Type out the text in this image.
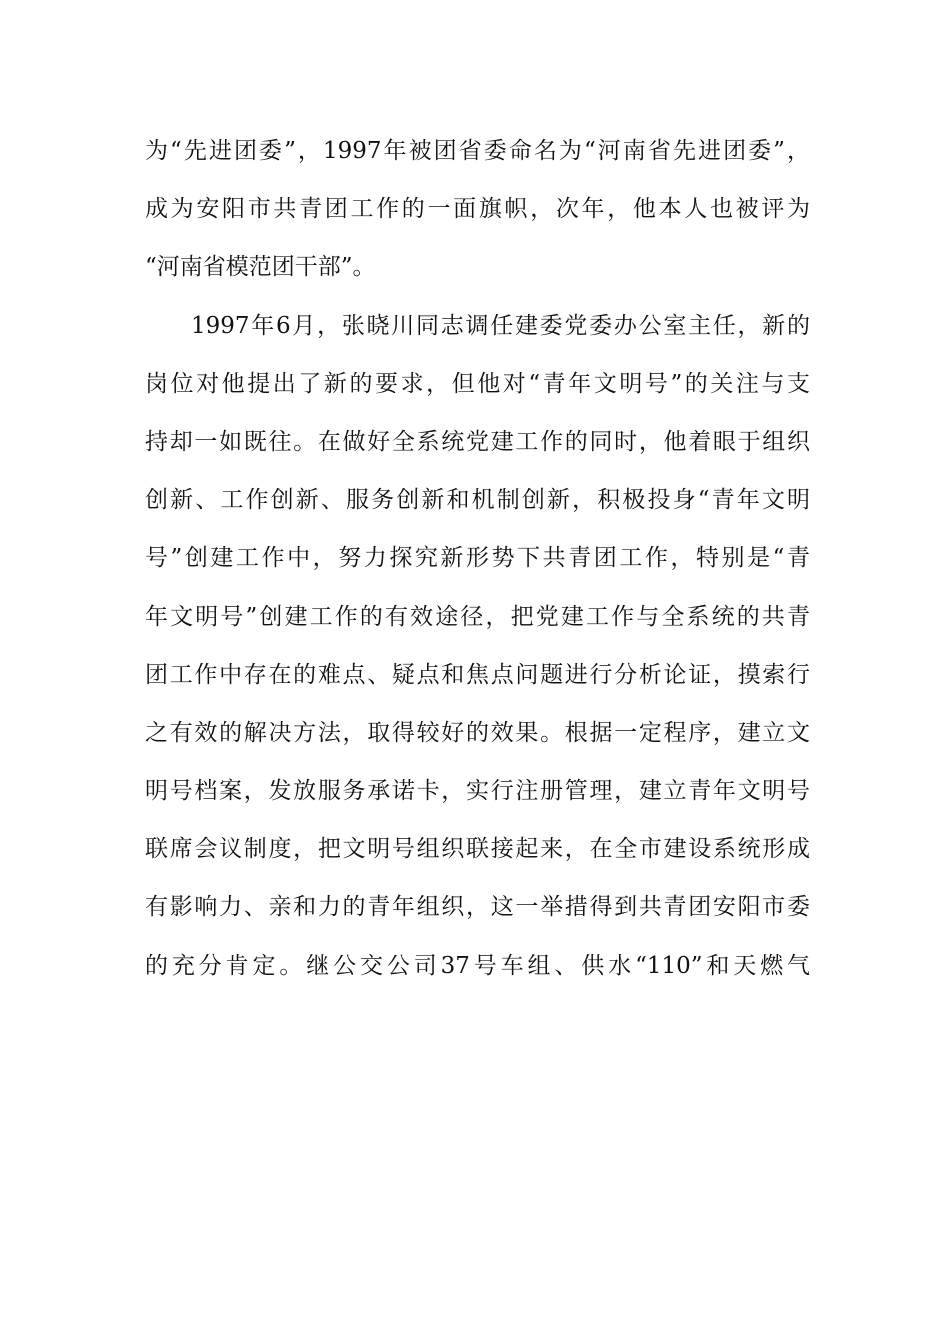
为“先进团委”，1997年被团省委命名为“河南省先进团委”，
成为安阳市共青团工作的一面旗帜，次年，他本人也被评为
“河南省模范团干部”。
1997年6月，张晓川同志调任建委党委办公室主任，新的
岗位对他提出了新的要求，但他对“青年文明号”的关注与支
持却一如既往。在做好全系统党建工作的同时，他着眼于组织
创新、工作创新、服务创新和机制创新，积极投身“青年文明
号”创建工作中，努力探究新形势下共青团工作，特别是“青
年文明号”创建工作的有效途径，把党建工作与全系统的共青
团工作中存在的难点、疑点和焦点问题进行分析论证，摸索行
之有效的解决方法，取得较好的效果。根据一定程序，建立文
明号档案，发放服务承诺卡，实行注册管理，建立青年文明号
联席会议制度，把文明号组织联接起来，在全市建设系统形成
有影响力、亲和力的青年组织，这一举措得到共青团安阳市委
的充分肯定。继公交公司37号车组、供水“110”和天燃气
